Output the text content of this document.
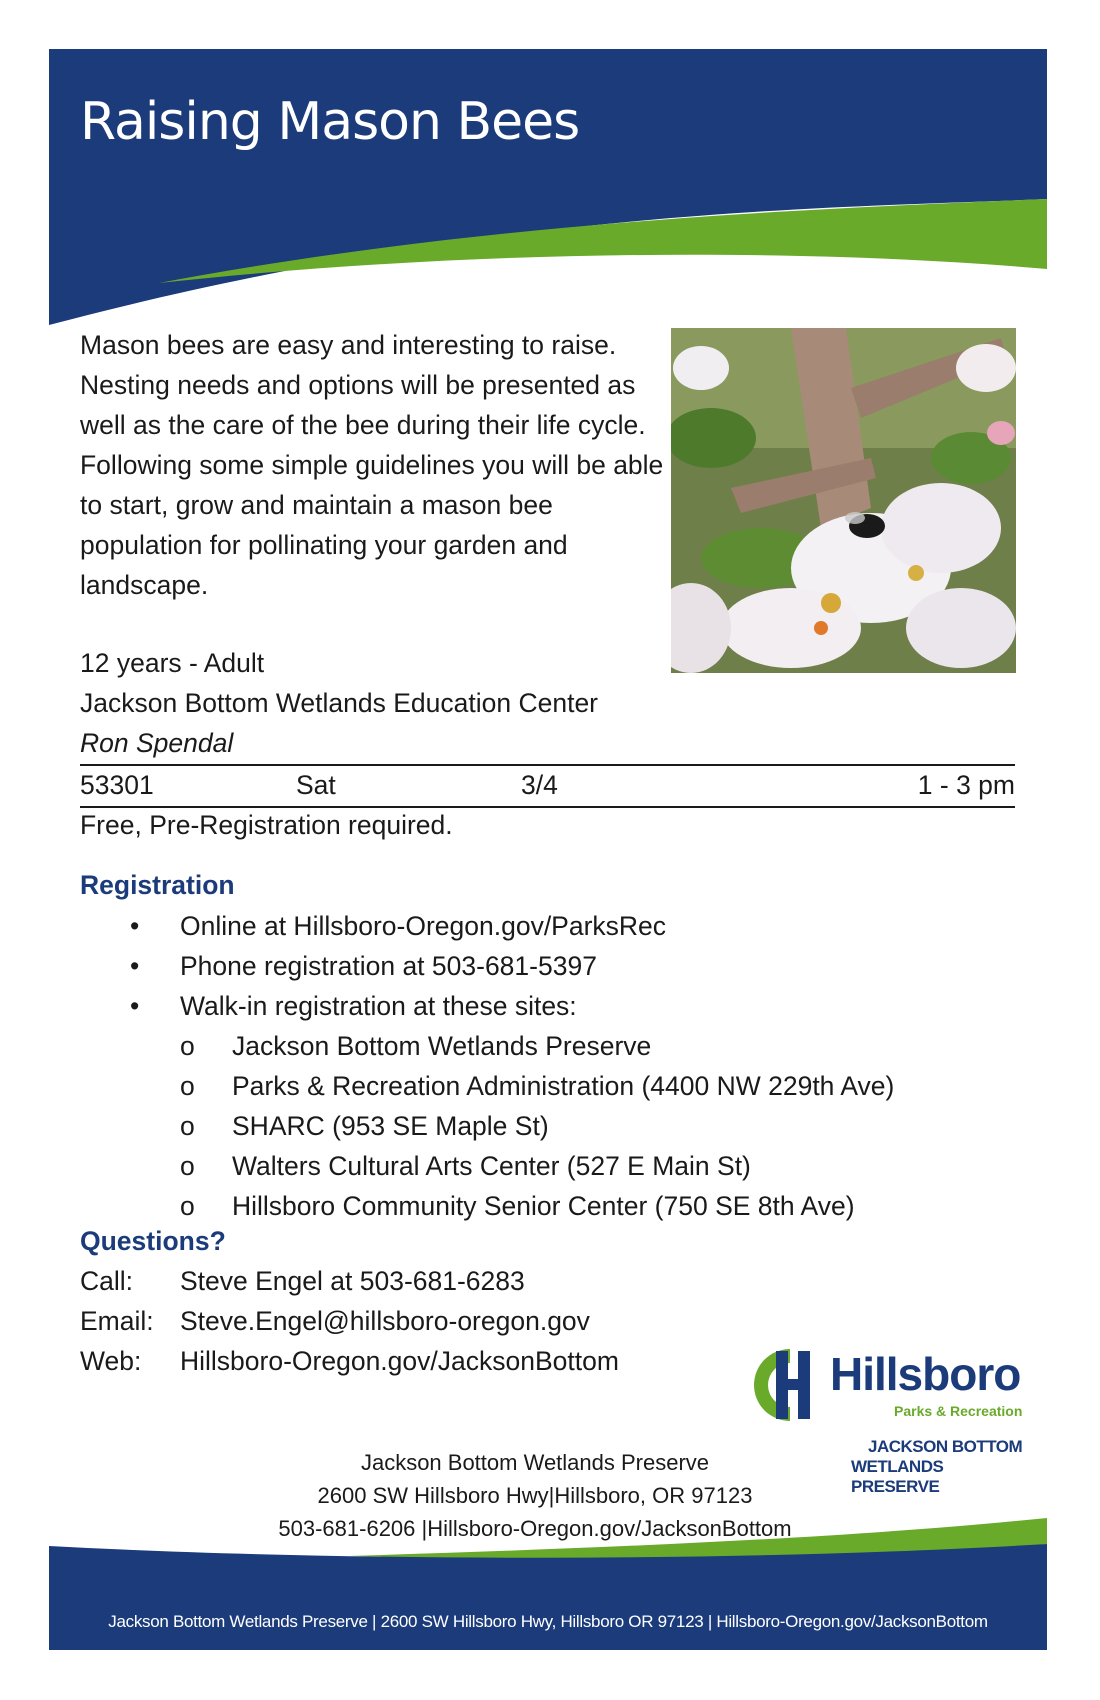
Raising Mason Bees

Mason bees are easy and interesting to raise. Nesting needs and options will be presented as well as the care of the bee during their life cycle. Following some simple guidelines you will be able to start, grow and maintain a mason bee population for pollinating your garden and landscape.

12 years - Adult
Jackson Bottom Wetlands Education Center
Ron Spendal
53301	Sat	3/4	1 - 3 pm
Free, Pre-Registration required.
Registration
• Online at Hillsboro-Oregon.gov/ParksRec
• Phone registration at 503-681-5397
• Walk-in registration at these sites:
o Jackson Bottom Wetlands Preserve
o Parks & Recreation Administration (4400 NW 229th Ave)
o SHARC (953 SE Maple St)
o Walters Cultural Arts Center (527 E Main St)
o Hillsboro Community Senior Center (750 SE 8th Ave)
Questions?
Call: Steve Engel at 503-681-6283
Email: Steve.Engel@hillsboro-oregon.gov
Web: Hillsboro-Oregon.gov/JacksonBottom	Hillsboro
Parks & Recreation
JACKSON BOTTOM
WETLANDS PRESERVE
Jackson Bottom Wetlands Preserve
2600 SW Hillsboro Hwy|Hillsboro, OR 97123
503-681-6206 |Hillsboro-Oregon.gov/JacksonBottom
Jackson Bottom Wetlands Preserve | 2600 SW Hillsboro Hwy, Hillsboro OR 97123 | Hillsboro-Oregon.gov/JacksonBottom
